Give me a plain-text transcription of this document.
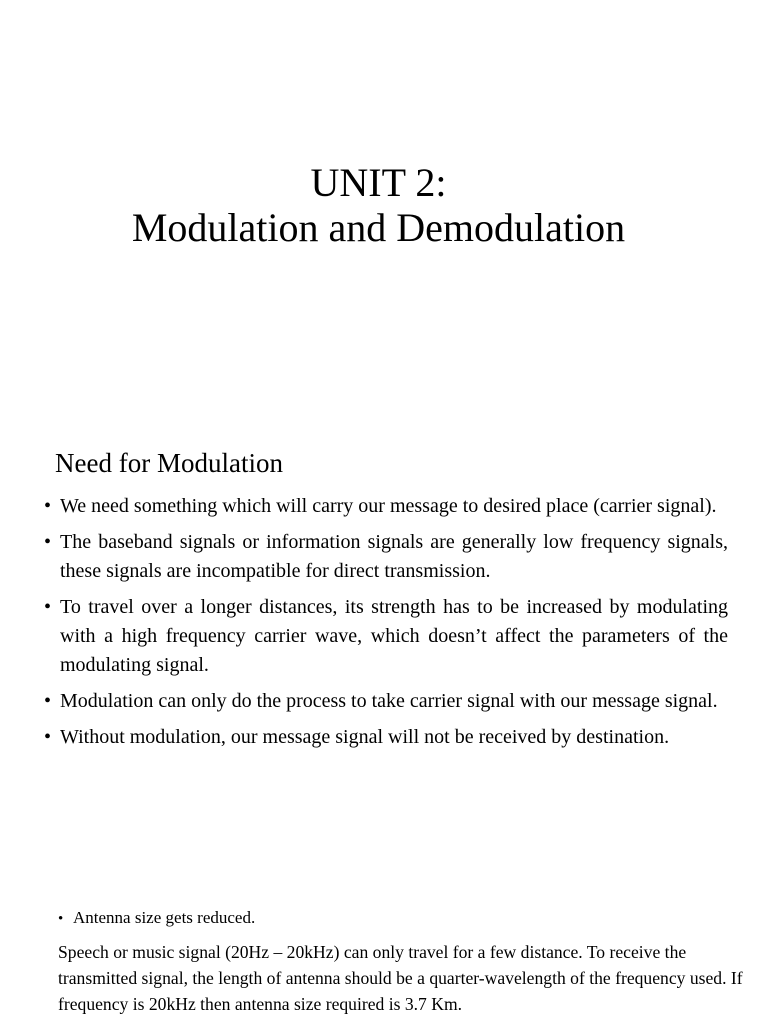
UNIT 2:
Modulation and Demodulation
Need for Modulation
• We need something which will carry our message to desired place (carrier signal).
• The baseband signals or information signals are generally low frequency signals, these signals are incompatible for direct transmission.
• To travel over a longer distances, its strength has to be increased by modulating with a high frequency carrier wave, which doesn’t affect the parameters of the modulating signal.
• Modulation can only do the process to take carrier signal with our message signal.
• Without modulation, our message signal will not be received by destination.
• Antenna size gets reduced.

Speech or music signal (20Hz – 20kHz) can only travel for a few distance. To receive the transmitted signal, the length of antenna should be a quarter-wavelength of the frequency used. If frequency is 20kHz then antenna size required is 3.7 Km.
